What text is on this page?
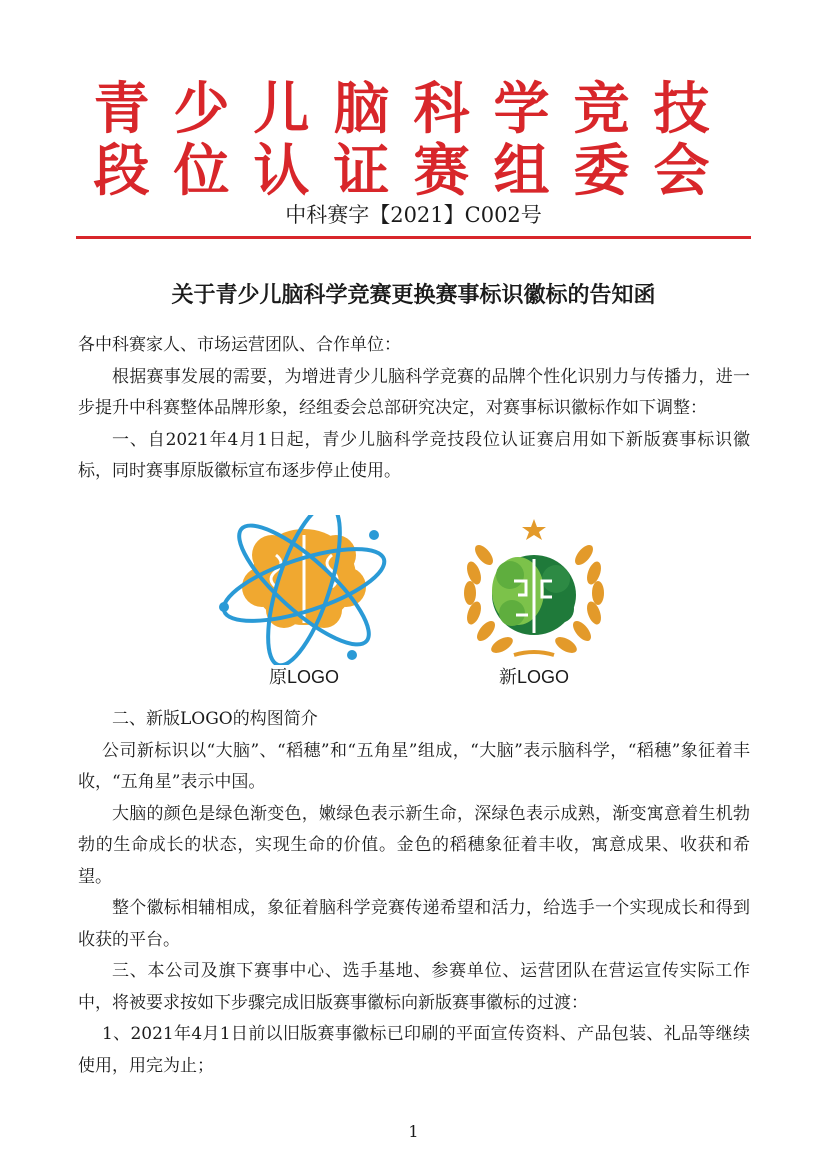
青少儿脑科学竞技
段位认证赛组委会
中科赛字【2021】C002号
关于青少儿脑科学竞赛更换赛事标识徽标的告知函

各中科赛家人、市场运营团队、合作单位：

根据赛事发展的需要，为增进青少儿脑科学竞赛的品牌个性化识别力与传播力，进一步提升中科赛整体品牌形象，经组委会总部研究决定，对赛事标识徽标作如下调整：

一、自2021年4月1日起，青少儿脑科学竞技段位认证赛启用如下新版赛事标识徽标，同时赛事原版徽标宣布逐步停止使用。

原LOGO	新LOGO

二、新版LOGO的构图简介

公司新标识以“大脑”、“稻穗”和“五角星”组成，“大脑”表示脑科学，“稻穗”象征着丰收，“五角星”表示中国。

大脑的颜色是绿色渐变色，嫩绿色表示新生命，深绿色表示成熟，渐变寓意着生机勃勃的生命成长的状态，实现生命的价值。金色的稻穗象征着丰收，寓意成果、收获和希望。

整个徽标相辅相成，象征着脑科学竞赛传递希望和活力，给选手一个实现成长和得到收获的平台。

三、本公司及旗下赛事中心、选手基地、参赛单位、运营团队在营运宣传实际工作中，将被要求按如下步骤完成旧版赛事徽标向新版赛事徽标的过渡：

1、2021年4月1日前以旧版赛事徽标已印刷的平面宣传资料、产品包装、礼品等继续使用，用完为止；

1
